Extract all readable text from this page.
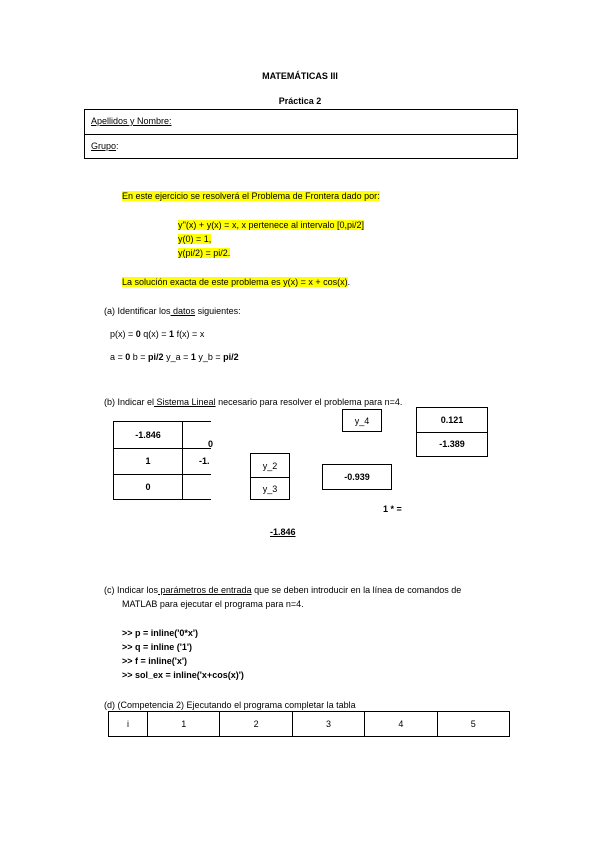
MATEMÁTICAS III
Práctica 2
Apellidos y Nombre:
Grupo:
En este ejercicio se resolverá el Problema de Frontera dado por:
y''(x) + y(x) = x, x pertenece al intervalo [0,pi/2]
y(0) = 1,
y(pi/2) = pi/2.
La solución exacta de este problema es y(x) = x + cos(x).
(a) Identificar los datos siguientes:
p(x) = 0 q(x) = 1 f(x) = x
a = 0 b = pi/2 y_a = 1 y_b = pi/2
(b) Indicar el Sistema Lineal necesario para resolver el problema para n=4.
-1.846
1
0
0
-1.	y_2
y_3
y_4
-0.939
0.121
-1.389
1 * =
-1.846
(c) Indicar los parámetros de entrada que se deben introducir en la línea de comandos de
MATLAB para ejecutar el programa para n=4.
>> p = inline('0*x')
>> q = inline ('1')
>> f = inline('x')
>> sol_ex = inline('x+cos(x)')
(d) (Competencia 2) Ejecutando el programa completar la tabla
i	1	2	3	4	5
